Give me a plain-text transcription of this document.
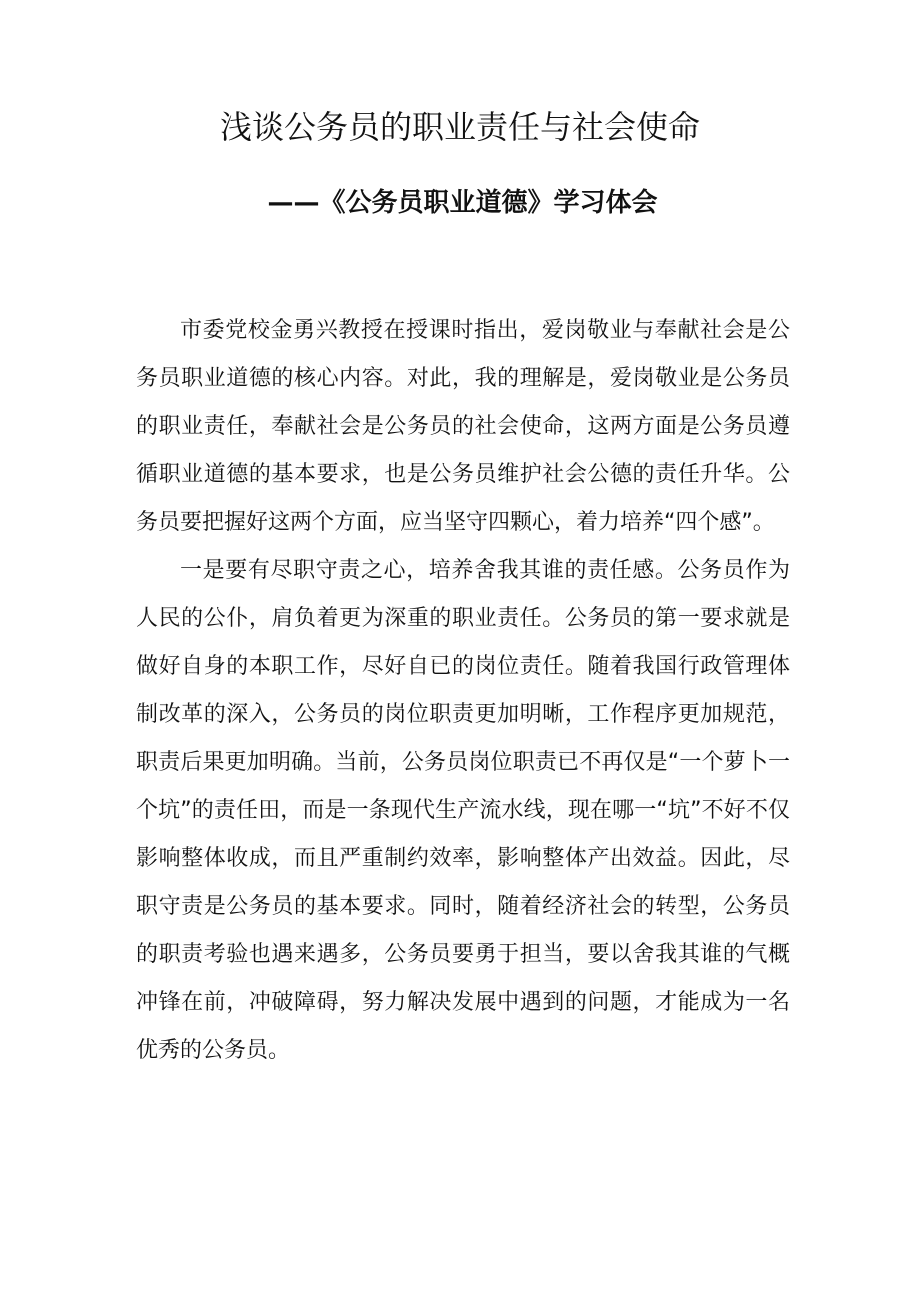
浅谈公务员的职业责任与社会使命
——《公务员职业道德》学习体会

市委党校金勇兴教授在授课时指出，爱岗敬业与奉献社会是公务员职业道德的核心内容。对此，我的理解是，爱岗敬业是公务员的职业责任，奉献社会是公务员的社会使命，这两方面是公务员遵循职业道德的基本要求，也是公务员维护社会公德的责任升华。公务员要把握好这两个方面，应当坚守四颗心，着力培养“四个感”。

一是要有尽职守责之心，培养舍我其谁的责任感。公务员作为人民的公仆，肩负着更为深重的职业责任。公务员的第一要求就是做好自身的本职工作，尽好自已的岗位责任。随着我国行政管理体制改革的深入，公务员的岗位职责更加明晰，工作程序更加规范，职责后果更加明确。当前，公务员岗位职责已不再仅是“一个萝卜一个坑”的责任田，而是一条现代生产流水线，现在哪一“坑”不好不仅影响整体收成，而且严重制约效率，影响整体产出效益。因此，尽职守责是公务员的基本要求。同时，随着经济社会的转型，公务员的职责考验也遇来遇多，公务员要勇于担当，要以舍我其谁的气概冲锋在前，冲破障碍，努力解决发展中遇到的问题，才能成为一名优秀的公务员。
